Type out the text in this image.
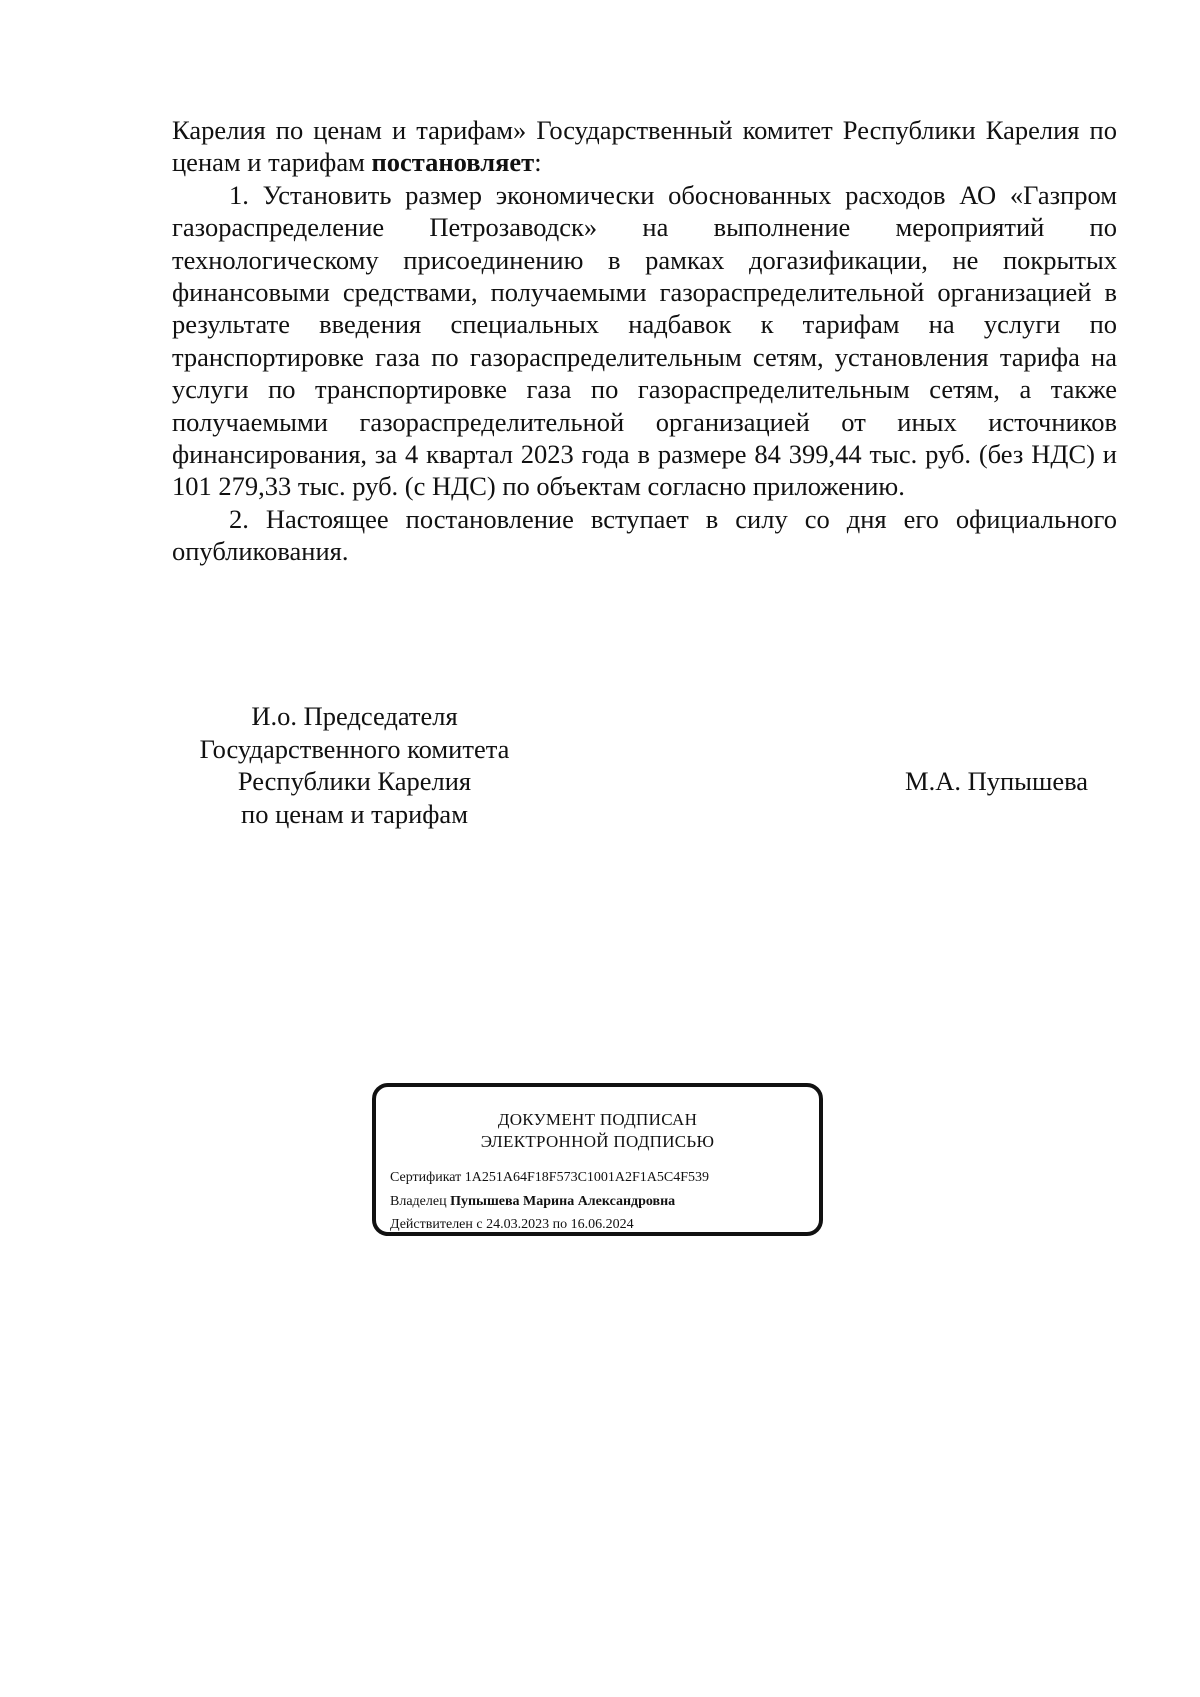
Карелия по ценам и тарифам» Государственный комитет Республики Карелия по ценам и тарифам постановляет:

1. Установить размер экономически обоснованных расходов АО «Газпром газораспределение Петрозаводск» на выполнение мероприятий по технологическому присоединению в рамках догазификации, не покрытых финансовыми средствами, получаемыми газораспределительной организацией в результате введения специальных надбавок к тарифам на услуги по транспортировке газа по газораспределительным сетям, установления тарифа на услуги по транспортировке газа по газораспределительным сетям, а также получаемыми газораспределительной организацией от иных источников финансирования, за 4 квартал 2023 года в размере 84 399,44 тыс. руб. (без НДС) и 101 279,33 тыс. руб. (с НДС) по объектам согласно приложению.

2. Настоящее постановление вступает в силу со дня его официального опубликования.

И.о. Председателя
Государственного комитета
Республики Карелия
по ценам и тарифам
М.А. Пупышева
ДОКУМЕНТ ПОДПИСАН
ЭЛЕКТРОННОЙ ПОДПИСЬЮ
Сертификат 1A251A64F18F573C1001A2F1A5C4F539
Владелец Пупышева Марина Александровна
Действителен с 24.03.2023 по 16.06.2024
